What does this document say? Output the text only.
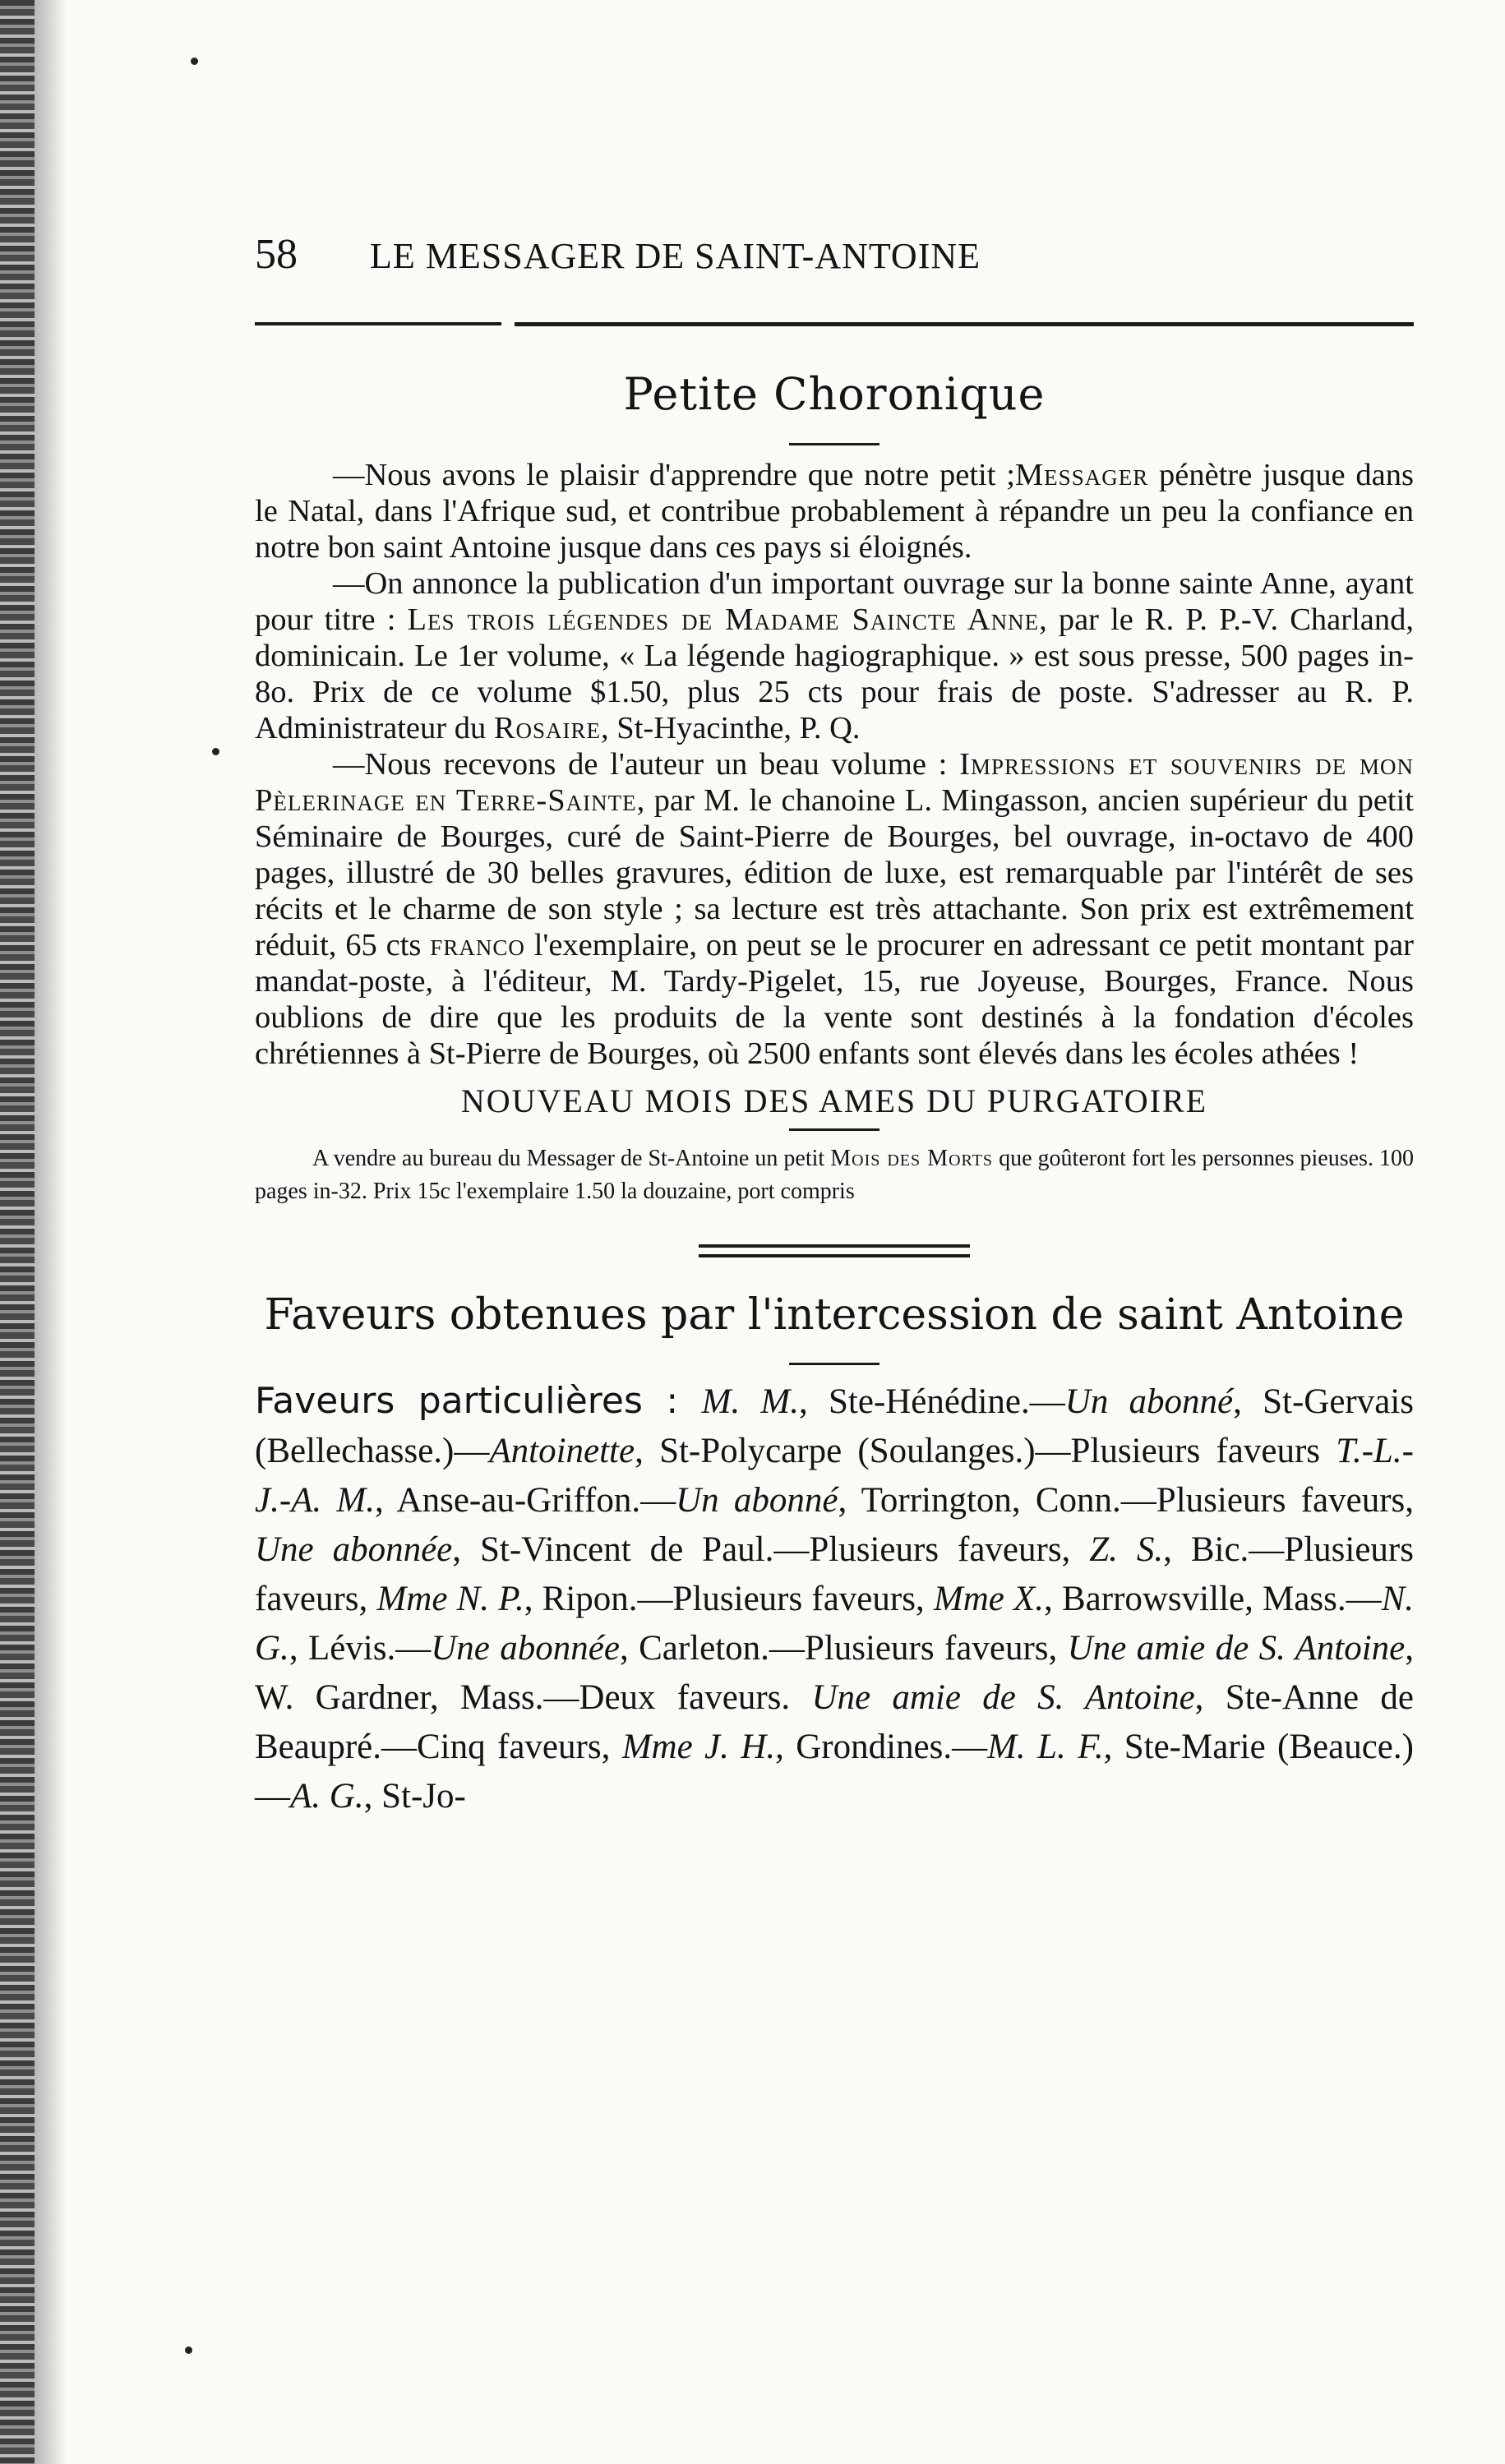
58	LE MESSAGER DE SAINT-ANTOINE
Petite Choronique

—Nous avons le plaisir d'apprendre que notre petit ;Messager pénètre jusque dans le Natal, dans l'Afrique sud, et contribue probablement à répandre un peu la confiance en notre bon saint Antoine jusque dans ces pays si éloignés.

—On annonce la publication d'un important ouvrage sur la bonne sainte Anne, ayant pour titre : Les trois légendes de Madame Saincte Anne, par le R. P. P.-V. Charland, dominicain. Le 1er volume, « La légende hagiographique. » est sous presse, 500 pages in-8o. Prix de ce volume $1.50, plus 25 cts pour frais de poste. S'adresser au R. P. Administrateur du Rosaire, St-Hyacinthe, P. Q.

—Nous recevons de l'auteur un beau volume : Impressions et souvenirs de mon Pèlerinage en Terre-Sainte, par M. le chanoine L. Mingasson, ancien supérieur du petit Séminaire de Bourges, curé de Saint-Pierre de Bourges, bel ouvrage, in-octavo de 400 pages, illustré de 30 belles gravures, édition de luxe, est remarquable par l'intérêt de ses récits et le charme de son style ; sa lecture est très attachante. Son prix est extrêmement réduit, 65 cts franco l'exemplaire, on peut se le procurer en adressant ce petit montant par mandat-poste, à l'éditeur, M. Tardy-Pigelet, 15, rue Joyeuse, Bourges, France. Nous oublions de dire que les produits de la vente sont destinés à la fondation d'écoles chrétiennes à St-Pierre de Bourges, où 2500 enfants sont élevés dans les écoles athées !

NOUVEAU MOIS DES AMES DU PURGATOIRE

A vendre au bureau du Messager de St-Antoine un petit Mois des Morts que goûteront fort les personnes pieuses. 100 pages in-32. Prix 15c l'exemplaire 1.50 la douzaine, port compris

Faveurs obtenues par l'intercession de saint Antoine
Faveurs particulières : M. M., Ste-Hénédine.—Un abonné, St-Gervais (Bellechasse.)—Antoinette, St-Polycarpe (Soulanges.)—Plusieurs faveurs T.-L.-J.-A. M., Anse-au-Griffon.—Un abonné, Torrington, Conn.—Plusieurs faveurs, Une abonnée, St-Vincent de Paul.—Plusieurs faveurs, Z. S., Bic.—Plusieurs faveurs, Mme N. P., Ripon.—Plusieurs faveurs, Mme X., Barrowsville, Mass.—N. G., Lévis.—Une abonnée, Carleton.—Plusieurs faveurs, Une amie de S. Antoine, W. Gardner, Mass.—Deux faveurs. Une amie de S. Antoine, Ste-Anne de Beaupré.—Cinq faveurs, Mme J. H., Grondines.—M. L. F., Ste-Marie (Beauce.)—A. G., St-Jo-
